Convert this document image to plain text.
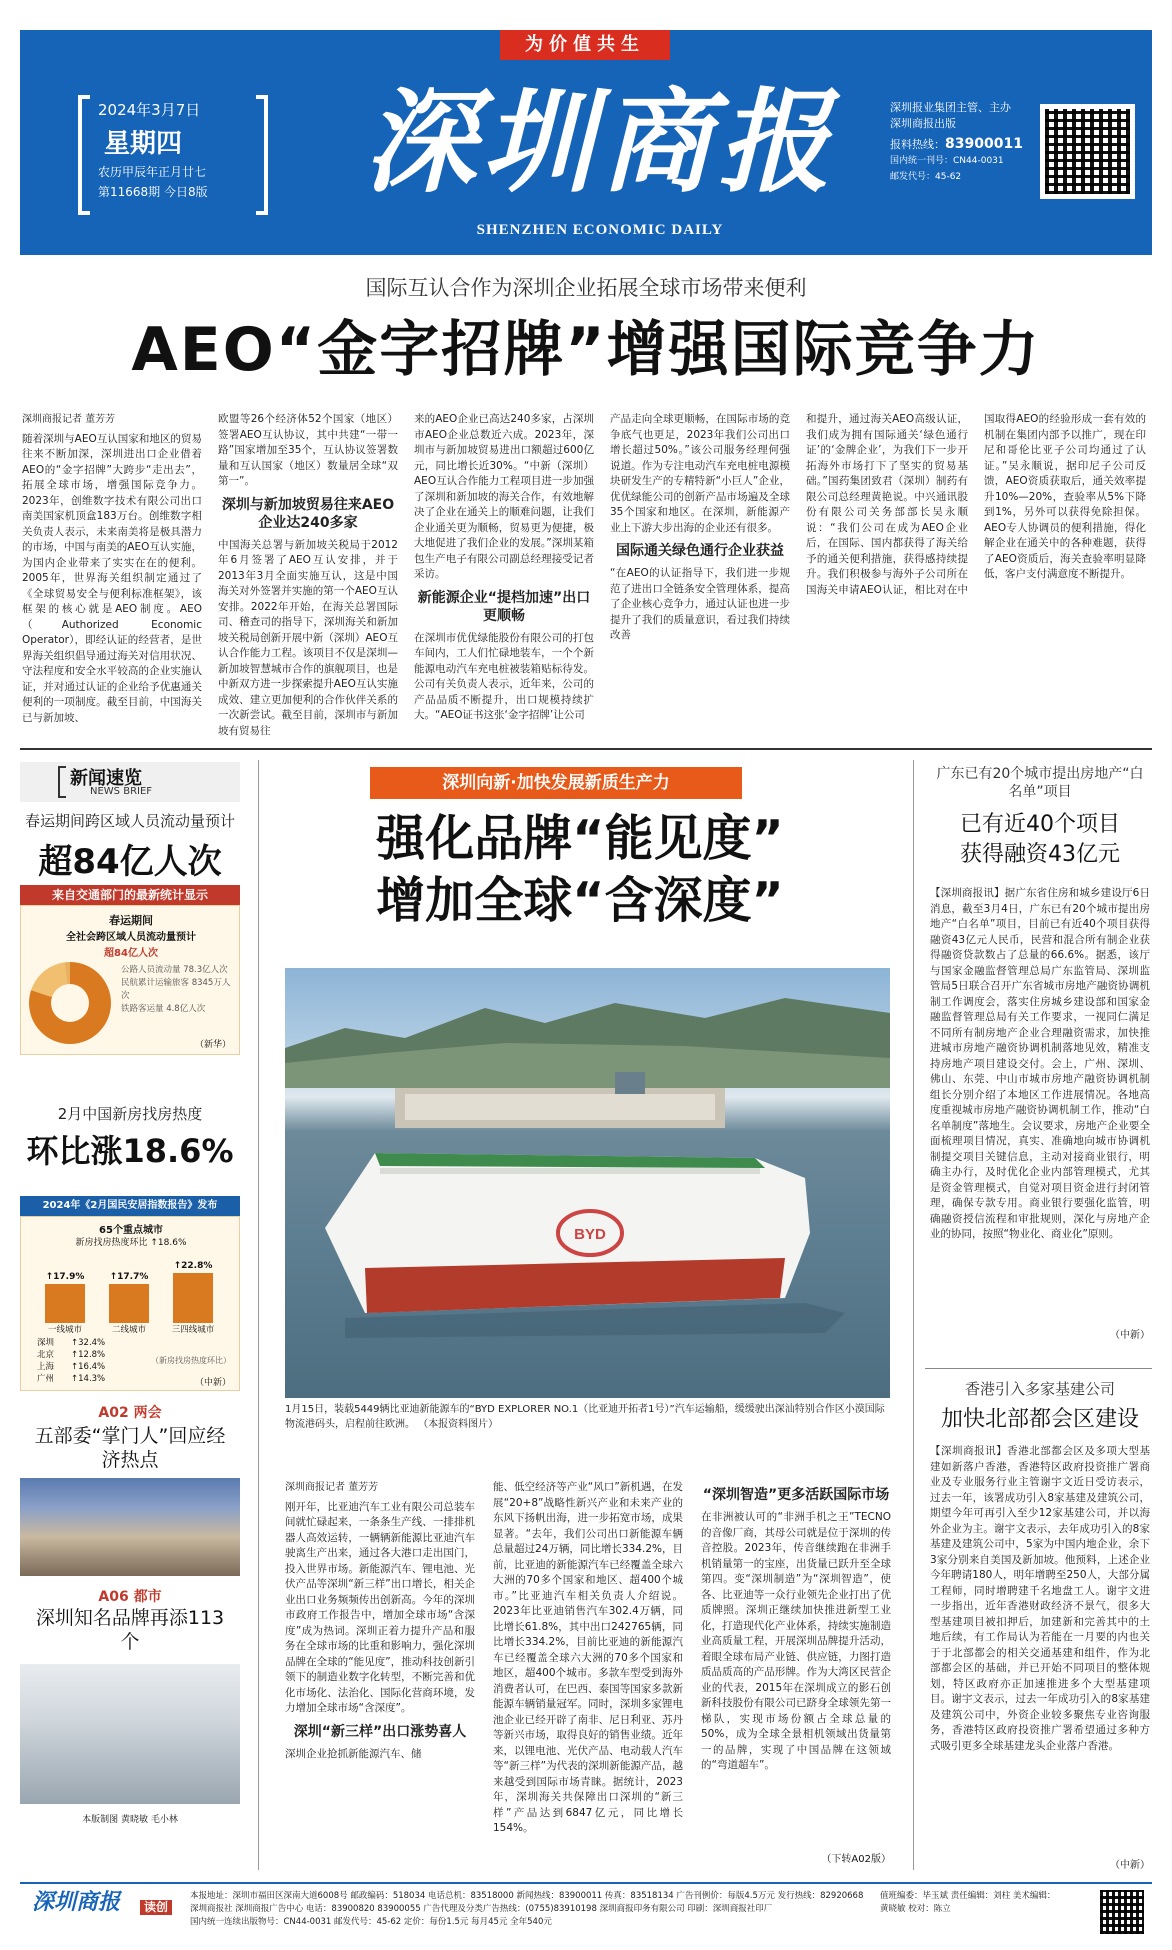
为价值共生
2024年3月7日
星期四
农历甲辰年正月廿七
第11668期 今日8版 深圳商报
SHENZHEN ECONOMIC DAILY
深圳报业集团主管、主办
深圳商报出版
报料热线：83900011
国内统一刊号：CN44-0031
邮发代号：45-62
国际互认合作为深圳企业拓展全球市场带来便利
AEO“金字招牌”增强国际竞争力
深圳商报记者 董芳芳
随着深圳与AEO互认国家和地区的贸易往来不断加深，深圳进出口企业借着AEO的“金字招牌”大跨步“走出去”，拓展全球市场，增强国际竞争力。2023年，创维数字技术有限公司出口南美国家机顶盒183万台。创维数字相关负责人表示，未来南美将是极具潜力的市场，中国与南美的AEO互认实施，为国内企业带来了实实在在的便利。2005年，世界海关组织制定通过了《全球贸易安全与便利标准框架》，该框架的核心就是AEO制度。AEO（Authorized Economic Operator），即经认证的经营者，是世界海关组织倡导通过海关对信用状况、守法程度和安全水平较高的企业实施认证，并对通过认证的企业给予优惠通关便利的一项制度。截至目前，中国海关已与新加坡、
欧盟等26个经济体52个国家（地区）签署AEO互认协议，其中共建“一带一路”国家增加至35个，互认协议签署数量和互认国家（地区）数量居全球“双第一”。
深圳与新加坡贸易往来AEO企业达240多家
中国海关总署与新加坡关税局于2012年6月签署了AEO互认安排，并于2013年3月全面实施互认，这是中国海关对外签署并实施的第一个AEO互认安排。2022年开始，在海关总署国际司、稽查司的指导下，深圳海关和新加坡关税局创新开展中新（深圳）AEO互认合作能力工程。该项目不仅是深圳—新加坡智慧城市合作的旗舰项目，也是中新双方进一步探索提升AEO互认实施成效、建立更加便利的合作伙伴关系的一次新尝试。截至目前，深圳市与新加坡有贸易往
来的AEO企业已高达240多家，占深圳市AEO企业总数近六成。2023年，深圳市与新加坡贸易进出口额超过600亿元，同比增长近30%。“中新（深圳）AEO互认合作能力工程项目进一步加强了深圳和新加坡的海关合作，有效地解决了企业在通关上的顺难问题，让我们企业通关更为顺畅，贸易更为便捷，极大地促进了我们企业的发展。”深圳某箱包生产电子有限公司副总经理接受记者采访。
新能源企业“提档加速”出口更顺畅
在深圳市优优绿能股份有限公司的打包车间内，工人们忙碌地装车，一个个新能源电动汽车充电桩被装箱贴标待发。公司有关负责人表示，近年来，公司的产品品质不断提升，出口规模持续扩大。“AEO证书这张‘金字招牌’让公司
产品走向全球更顺畅，在国际市场的竞争底气也更足，2023年我们公司出口增长超过50%。”该公司服务经理何强说道。作为专注电动汽车充电桩电源模块研发生产的专精特新“小巨人”企业，优优绿能公司的创新产品市场遍及全球35个国家和地区。在深圳，新能源产业上下游大步出海的企业还有很多。
国际通关绿色通行企业获益
“在AEO的认证指导下，我们进一步规范了进出口全链条安全管理体系，提高了企业核心竞争力，通过认证也进一步提升了我们的质量意识，看过我们持续改善
和提升，通过海关AEO高级认证，我们成为拥有国际通关‘绿色通行证’的‘金牌企业’，为我们下一步开拓海外市场打下了坚实的贸易基础。”国药集团致君（深圳）制药有限公司总经理黄艳说。中兴通讯股份有限公司关务部部长吴永顺说：“我们公司在成为AEO企业后，在国际、国内都获得了海关给予的通关便利措施，获得感持续提升。我们积极参与海外子公司所在国海关申请AEO认证，相比对在中国取得AEO的经验形成一套有效的机制在集团内部予以推广，现在印尼和哥伦比亚子公司均通过了认证。”吴永顺说，据印尼子公司反馈，AEO资质获取后，通关效率提升10%—20%，查验率从5%下降到1%，另外可以获得免除担保。AEO专人协调员的便利措施，得化解企业在通关中的各种难题，获得了AEO资质后，海关查验率明显降低，客户支付满意度不断提升。
新闻速览
NEWS BRIEF
春运期间跨区域人员流动量预计
超84亿人次
来自交通部门的最新统计显示
春运期间
全社会跨区域人员流动量预计
超84亿人次
公路人员流动量 78.3亿人次
民航累计运输旅客 8345万人次
铁路客运量 4.8亿人次
（新华）
2月中国新房找房热度
环比涨18.6%
2024年《2月国民安居指数报告》发布
65个重点城市
新房找房热度环比 ↑18.6%
↑17.9%	↑17.7%
↑22.8%
一线城市	二线城市	三四线城市
深圳 ↑32.4%
北京 ↑12.8%
上海 ↑16.4%
广州 ↑14.3%
（新房找房热度环比）
（中新）
A02 两会
五部委“掌门人”回应经济热点
A06 都市
深圳知名品牌再添113个
本版制图 黄晓敏 毛小林
深圳向新·加快发展新质生产力
强化品牌“能见度”
增加全球“含深度”
BYD
1月15日，装载5449辆比亚迪新能源车的“BYD EXPLORER NO.1（比亚迪开拓者1号）”汽车运输船，缓缓驶出深汕特别合作区小漠国际物流港码头，启程前往欧洲。 （本报资料图片）
深圳商报记者 董芳芳
刚开年，比亚迪汽车工业有限公司总装车间就忙碌起来，一条条生产线、一排排机器人高效运转，一辆辆新能源比亚迪汽车驶离生产出来，通过各大港口走出国门，投入世界市场。新能源汽车、锂电池、光伏产品等深圳“新三样”出口增长，相关企业出口业务频频传出创新高。今年的深圳市政府工作报告中，增加全球市场“含深度”成为热词。深圳正着力提升产品和服务在全球市场的比重和影响力，强化深圳品牌在全球的“能见度”，推动科技创新引领下的制造业数字化转型，不断完善和优化市场化、法治化、国际化营商环境，发力增加全球市场“含深度”。
深圳“新三样”出口涨势喜人
深圳企业抢抓新能源汽车、储
能、低空经济等产业“风口”新机遇，在发展“20+8”战略性新兴产业和未来产业的东风下扬帆出海，进一步拓宽市场，成果显著。“去年，我们公司出口新能源车辆总量超过24万辆，同比增长334.2%，目前，比亚迪的新能源汽车已经覆盖全球六大洲的70多个国家和地区、超400个城市。”比亚迪汽车相关负责人介绍说。2023年比亚迪销售汽车302.4万辆，同比增长61.8%，其中出口242765辆，同比增长334.2%，目前比亚迪的新能源汽车已经覆盖全球六大洲的70多个国家和地区，超400个城市。多款车型受到海外消费者认可，在巴西、泰国等国家多款新能源车辆销量冠军。同时，深圳多家锂电池企业已经开辟了南非、尼日利亚、苏丹等新兴市场，取得良好的销售业绩。近年来，以锂电池、光伏产品、电动载人汽车等“新三样”为代表的深圳新能源产品，越来越受到国际市场青睐。据统计，2023年，深圳海关共保障出口深圳的“新三样”产品达到6847亿元，同比增长154%。
“深圳智造”更多活跃国际市场
在非洲被认可的“非洲手机之王”TECNO的音像厂商，其母公司就是位于深圳的传音控股。2023年，传音继续跑在非洲手机销量第一的宝座，出货量已跃升至全球第四。变“深圳制造”为“深圳智造”，使各、比亚迪等一众行业领先企业打出了优质牌照。深圳正继续加快推进新型工业化，打造现代化产业体系，持续实施制造业高质量工程，开展深圳品牌提升活动，着眼全球布局产业链、供应链，力图打造质品质高的产品形牌。作为大湾区民营企业的代表，2015年在深圳成立的影石创新科技股份有限公司已跻身全球领先第一梯队，实现市场份额占全球总量的50%，成为全球全景相机领域出货量第一的品牌，实现了中国品牌在这领域的“弯道超车”。
（下转A02版）
广东已有20个城市提出房地产“白名单”项目
已有近40个项目
获得融资43亿元
【深圳商报讯】据广东省住房和城乡建设厅6日消息，截至3月4日，广东已有20个城市提出房地产“白名单”项目，目前已有近40个项目获得融资43亿元人民币，民营和混合所有制企业获得融资贷款数占了总量的66.6%。据悉，该厅与国家金融监督管理总局广东监管局、深圳监管局5日联合召开广东省城市房地产融资协调机制工作调度会，落实住房城乡建设部和国家金融监督管理总局有关工作要求，一视同仁满足不同所有制房地产企业合理融资需求，加快推进城市房地产融资协调机制落地见效，精准支持房地产项目建设交付。会上，广州、深圳、佛山、东莞、中山市城市房地产融资协调机制组长分别介绍了本地区工作进展情况。各地高度重视城市房地产融资协调机制工作，推动“白名单制度”落地生。会议要求，房地产企业要全面梳理项目情况，真实、准确地向城市协调机制提交项目关键信息，主动对接商业银行，明确主办行，及时优化企业内部管理模式，尤其是资金管理模式，自觉对项目资金进行封闭管理，确保专款专用。商业银行要强化监管，明确融资授信流程和审批规则，深化与房地产企业的协同，按照“物业化、商业化”原则。
（中新）
香港引入多家基建公司
加快北部都会区建设
【深圳商报讯】香港北部都会区及多项大型基建如新落户香港，香港特区政府投资推广署商业及专业服务行业主管谢宇文近日受访表示，过去一年，该署成功引入8家基建及建筑公司，期望今年可再引入至少12家基建公司，并以海外企业为主。谢宇文表示，去年成功引入的8家基建及建筑公司中，5家为中国内地企业，余下3家分别来自美国及新加坡。他预料，上述企业今年聘请180人，明年增聘至250人，大部分属工程师，同时增聘建千名地盘工人。谢宇文进一步指出，近年香港财政经济不景气，很多大型基建项目被扣押后，加建新和完善其中的土地后续，有工作局认为若能在一月要的内也关于于北部都会的相关交通基建和组件，作为北部都会区的基础，并已开始不同项目的整体规划，特区政府亦正加速推进多个大型基建项目。谢宇文表示，过去一年成功引入的8家基建及建筑公司中，外资企业较多聚焦专业咨询服务，香港特区政府投资推广署希望通过多种方式吸引更多全球基建龙头企业落户香港。
（中新）
深圳商报	读创
本报地址：深圳市福田区深南大道6008号 邮政编码：518034 电话总机：83518000 新闻热线：83900011 传真：83518134 广告刊例价：每版4.5万元 发行热线：82920668
深圳商报社 深圳商报广告中心 电话：83900820 83900055 广告代理及分类广告热线：(0755)83910198 深圳商报印务有限公司 印刷：深圳商报社印厂
国内统一连续出版物号：CN44-0031 邮发代号：45-62 定价：每份1.5元 每月45元 全年540元
值班编委：毕玉斌 责任编辑：刘柱 美术编辑：黄晓敏 校对：陈立
